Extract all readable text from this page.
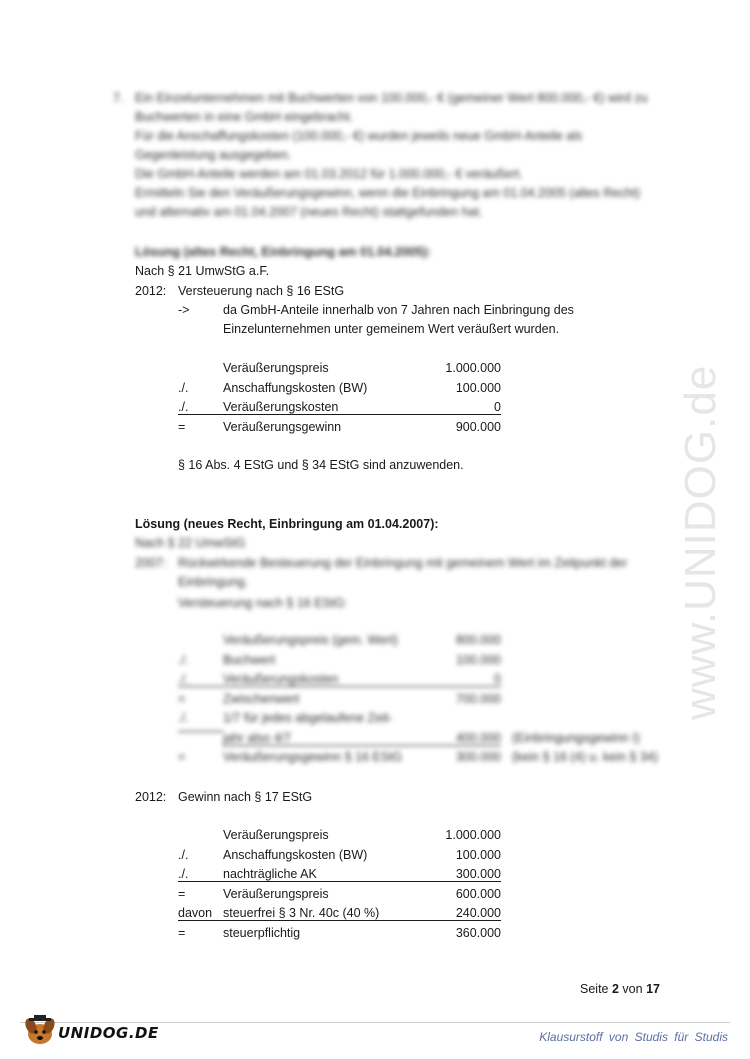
www.UNIDOG.de
7. Ein Einzelunternehmen mit Buchwerten von 100.000,- € (gemeiner Wert 800.000,- €) wird zu
Buchwerten in eine GmbH eingebracht.
Für die Anschaffungskosten (100.000,- €) wurden jeweils neue GmbH-Anteile als
Gegenleistung ausgegeben.
Die GmbH-Anteile werden am 01.03.2012 für 1.000.000,- € veräußert.
Ermitteln Sie den Veräußerungsgewinn, wenn die Einbringung am 01.04.2005 (altes Recht)
und alternativ am 01.04.2007 (neues Recht) stattgefunden hat.
Lösung (altes Recht, Einbringung am 01.04.2005):
Nach § 21 UmwStG a.F.
2012: Versteuerung nach § 16 EStG
->	da GmbH-Anteile innerhalb von 7 Jahren nach Einbringung des
Einzelunternehmen unter gemeinem Wert veräußert wurden.
Veräußerungspreis	1.000.000
./.	Anschaffungskosten (BW)	100.000
./.	Veräußerungskosten	0
=	Veräußerungsgewinn	900.000
§ 16 Abs. 4 EStG und § 34 EStG sind anzuwenden.
Lösung (neues Recht, Einbringung am 01.04.2007):
Nach § 22 UmwStG
2007: Rückwirkende Besteuerung der Einbringung mit gemeinem Wert im Zeitpunkt der
Einbringung.
Versteuerung nach § 16 EStG:
Veräußerungspreis (gem. Wert)	800.000
./.	Buchwert	100.000
./.	Veräußerungskosten	0
=	Zwischenwert	700.000
./.	1/7 für jedes abgelaufene Zeit-
jahr also 4/7	400.000 (Einbringungsgewinn I)
=	Veräußerungsgewinn § 16 EStG	300.000 (kein § 16 (4) u. kein § 34)
2012: Gewinn nach § 17 EStG
Veräußerungspreis	1.000.000
./.	Anschaffungskosten (BW)	100.000
./.	nachträgliche AK	300.000
=	Veräußerungspreis	600.000
davon steuerfrei § 3 Nr. 40c (40 %)	240.000
=	steuerpflichtig	360.000
Seite 2 von 17
UNIDOG.DE	Klausurstoff von Studis für Studis
